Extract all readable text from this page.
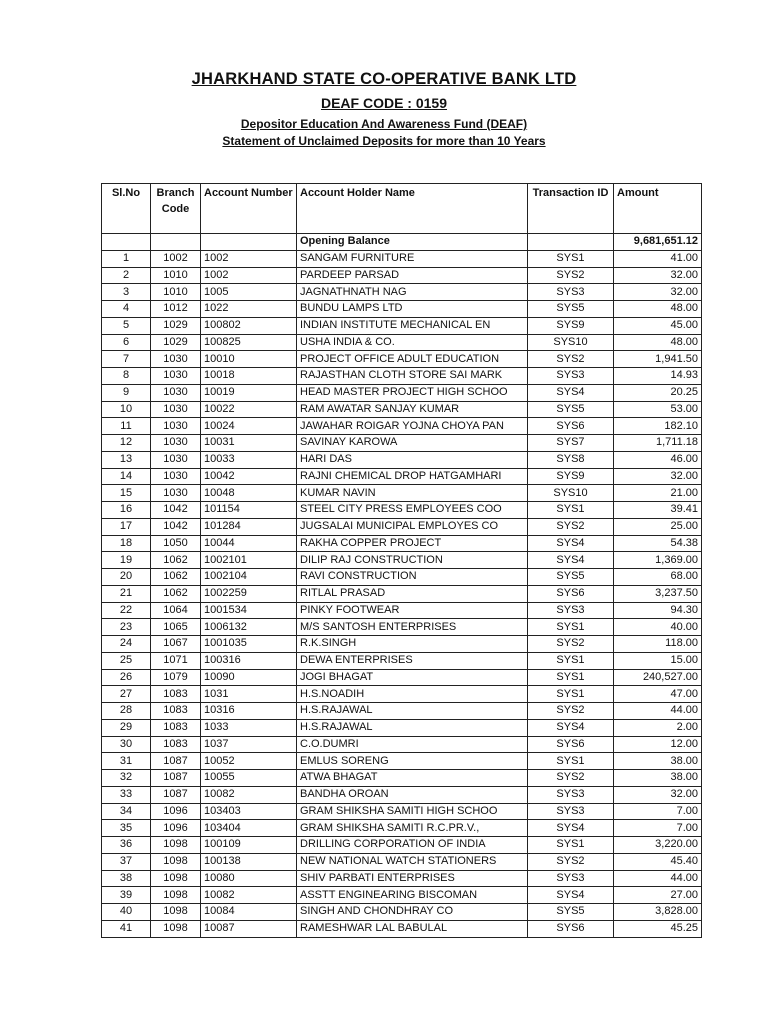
JHARKHAND STATE CO-OPERATIVE BANK LTD
DEAF CODE : 0159
Depositor Education And Awareness Fund (DEAF)
Statement of Unclaimed Deposits for more than 10 Years
Sl.No	Branch Code	Account Number	Account Holder Name	Transaction ID	Amount
			Opening Balance		9,681,651.12
1	1002	1002	SANGAM FURNITURE	SYS1	41.00
2	1010	1002	PARDEEP PARSAD	SYS2	32.00
3	1010	1005	JAGNATHNATH NAG	SYS3	32.00
4	1012	1022	BUNDU LAMPS LTD	SYS5	48.00
5	1029	100802	INDIAN INSTITUTE MECHANICAL EN	SYS9	45.00
6	1029	100825	USHA INDIA & CO.	SYS10	48.00
7	1030	10010	PROJECT OFFICE ADULT EDUCATION	SYS2	1,941.50
8	1030	10018	RAJASTHAN CLOTH STORE SAI MARK	SYS3	14.93
9	1030	10019	HEAD MASTER PROJECT HIGH SCHOO	SYS4	20.25
10	1030	10022	RAM AWATAR SANJAY KUMAR	SYS5	53.00
11	1030	10024	JAWAHAR ROIGAR YOJNA CHOYA PAN	SYS6	182.10
12	1030	10031	SAVINAY KAROWA	SYS7	1,711.18
13	1030	10033	HARI DAS	SYS8	46.00
14	1030	10042	RAJNI CHEMICAL DROP HATGAMHARI	SYS9	32.00
15	1030	10048	KUMAR NAVIN	SYS10	21.00
16	1042	101154	STEEL CITY PRESS EMPLOYEES COO	SYS1	39.41
17	1042	101284	JUGSALAI MUNICIPAL EMPLOYES CO	SYS2	25.00
18	1050	10044	RAKHA COPPER PROJECT	SYS4	54.38
19	1062	1002101	DILIP RAJ CONSTRUCTION	SYS4	1,369.00
20	1062	1002104	RAVI CONSTRUCTION	SYS5	68.00
21	1062	1002259	RITLAL PRASAD	SYS6	3,237.50
22	1064	1001534	PINKY FOOTWEAR	SYS3	94.30
23	1065	1006132	M/S SANTOSH ENTERPRISES	SYS1	40.00
24	1067	1001035	R.K.SINGH	SYS2	118.00
25	1071	100316	DEWA ENTERPRISES	SYS1	15.00
26	1079	10090	JOGI BHAGAT	SYS1	240,527.00
27	1083	1031	H.S.NOADIH	SYS1	47.00
28	1083	10316	H.S.RAJAWAL	SYS2	44.00
29	1083	1033	H.S.RAJAWAL	SYS4	2.00
30	1083	1037	C.O.DUMRI	SYS6	12.00
31	1087	10052	EMLUS SORENG	SYS1	38.00
32	1087	10055	ATWA BHAGAT	SYS2	38.00
33	1087	10082	BANDHA OROAN	SYS3	32.00
34	1096	103403	GRAM SHIKSHA SAMITI HIGH SCHOO	SYS3	7.00
35	1096	103404	GRAM SHIKSHA SAMITI R.C.PR.V.,	SYS4	7.00
36	1098	100109	DRILLING CORPORATION OF INDIA	SYS1	3,220.00
37	1098	100138	NEW NATIONAL WATCH STATIONERS	SYS2	45.40
38	1098	10080	SHIV PARBATI ENTERPRISES	SYS3	44.00
39	1098	10082	ASSTT ENGINEARING BISCOMAN	SYS4	27.00
40	1098	10084	SINGH AND CHONDHRAY CO	SYS5	3,828.00
41	1098	10087	RAMESHWAR LAL BABULAL	SYS6	45.25
